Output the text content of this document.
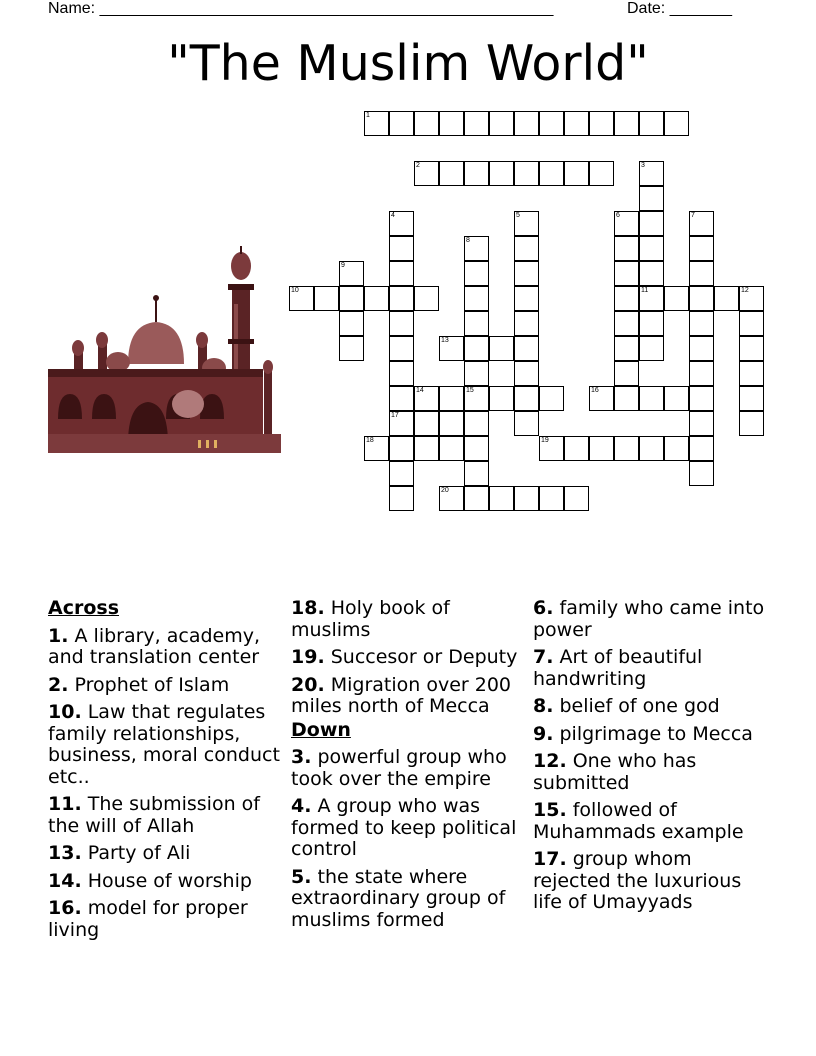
Name: ___________________________________________________	Date: _______
"The Muslim World"
1
2	3
11
4
17
5	6	7
8
15
9
10	12
13
14	16
18	19
20
Across
1. A library, academy, and translation center
2. Prophet of Islam
10. Law that regulates family relationships, business, moral conduct etc..
11. The submission of the will of Allah
13. Party of Ali
14. House of worship
16. model for proper living
18. Holy book of muslims
19. Succesor or Deputy
20. Migration over 200 miles north of Mecca
Down
3. powerful group who took over the empire
4. A group who was formed to keep political control
5. the state where extraordinary group of muslims formed
6. family who came into power
7. Art of beautiful handwriting
8. belief of one god
9. pilgrimage to Mecca
12. One who has submitted
15. followed of Muhammads example
17. group whom rejected the luxurious life of Umayyads
